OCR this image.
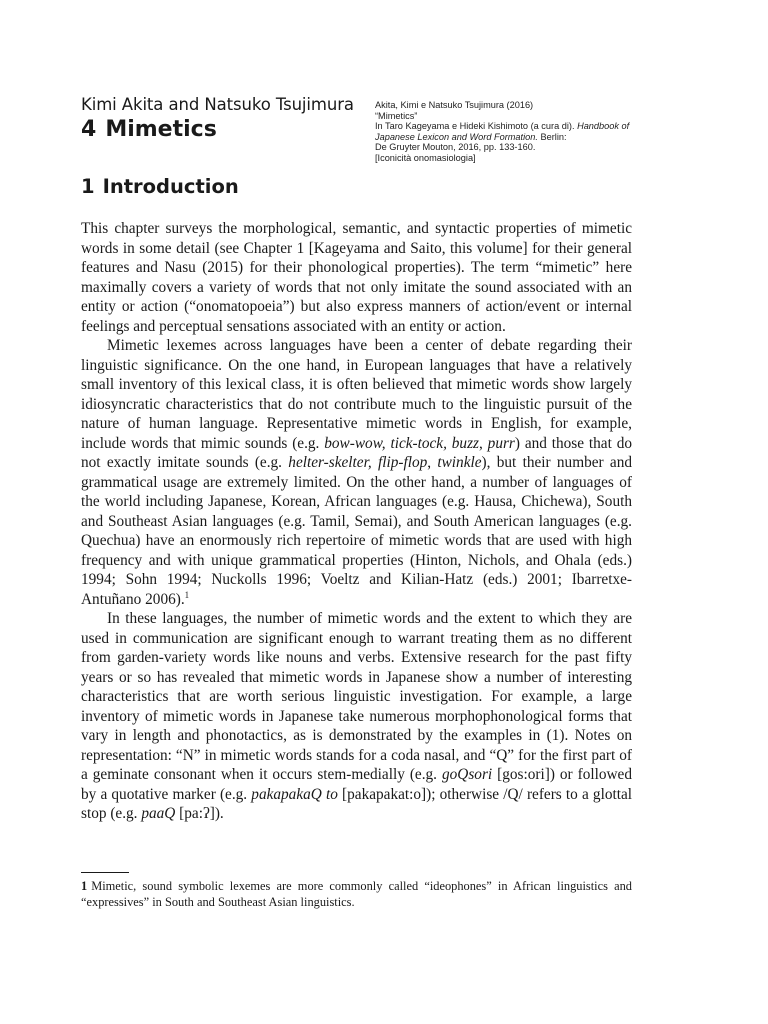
Kimi Akita and Natsuko Tsujimura
4 Mimetics
Akita, Kimi e Natsuko Tsujimura (2016)
“Mimetics”
In Taro Kageyama e Hideki Kishimoto (a cura di). Handbook of
Japanese Lexicon and Word Formation. Berlin:
De Gruyter Mouton, 2016, pp. 133-160.
[Iconicità onomasiologia]
1 Introduction

This chapter surveys the morphological, semantic, and syntactic properties of mimetic words in some detail (see Chapter 1 [Kageyama and Saito, this volume] for their general features and Nasu (2015) for their phonological properties). The term “mimetic” here maximally covers a variety of words that not only imitate the sound associated with an entity or action (“onomatopoeia”) but also express manners of action/event or internal feelings and perceptual sensations associated with an entity or action.

Mimetic lexemes across languages have been a center of debate regarding their linguistic significance. On the one hand, in European languages that have a relatively small inventory of this lexical class, it is often believed that mimetic words show largely idiosyncratic characteristics that do not contribute much to the linguistic pursuit of the nature of human language. Representative mimetic words in English, for example, include words that mimic sounds (e.g. bow-wow, tick-tock, buzz, purr) and those that do not exactly imitate sounds (e.g. helter-skelter, flip-flop, twinkle), but their number and grammatical usage are extremely limited. On the other hand, a number of languages of the world including Japanese, Korean, African languages (e.g. Hausa, Chichewa), South and Southeast Asian languages (e.g. Tamil, Semai), and South American languages (e.g. Quechua) have an enormously rich repertoire of mimetic words that are used with high frequency and with unique grammatical properties (Hinton, Nichols, and Ohala (eds.) 1994; Sohn 1994; Nuckolls 1996; Voeltz and Kilian-Hatz (eds.) 2001; Ibarretxe-Antuñano 2006).$^1$

In these languages, the number of mimetic words and the extent to which they are used in communication are significant enough to warrant treating them as no different from garden-variety words like nouns and verbs. Extensive research for the past fifty years or so has revealed that mimetic words in Japanese show a number of interesting characteristics that are worth serious linguistic investigation. For example, a large inventory of mimetic words in Japanese take numerous morphophonological forms that vary in length and phonotactics, as is demonstrated by the examples in (1). Notes on representation: “N” in mimetic words stands for a coda nasal, and “Q” for the first part of a geminate consonant when it occurs stem-medially (e.g. goQsori [gos:ori]) or followed by a quotative marker (e.g. pakapakaQ to [pakapakat:o]); otherwise /Q/ refers to a glottal stop (e.g. paaQ [pa:ʔ]).

1 Mimetic, sound symbolic lexemes are more commonly called “ideophones” in African linguistics and “expressives” in South and Southeast Asian linguistics.
